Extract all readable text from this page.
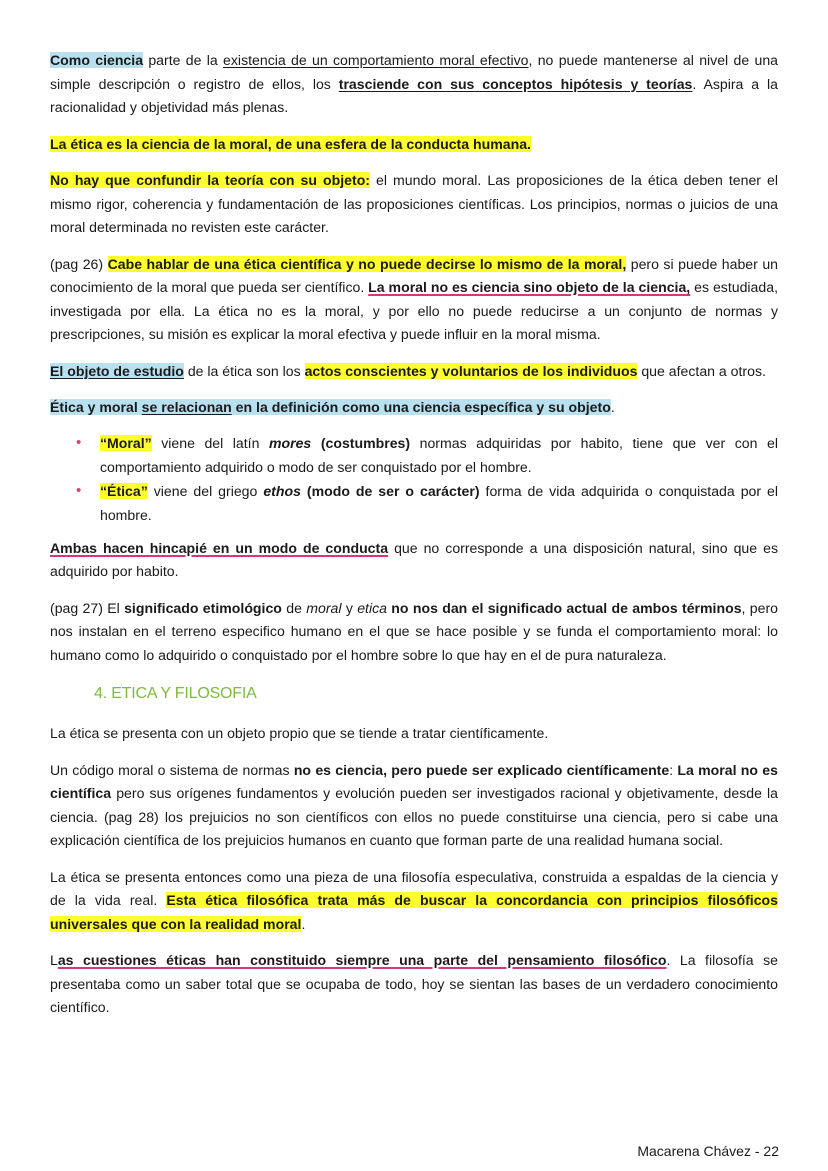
Como ciencia parte de la existencia de un comportamiento moral efectivo, no puede mantenerse al nivel de una simple descripción o registro de ellos, los trasciende con sus conceptos hipótesis y teorías. Aspira a la racionalidad y objetividad más plenas.

La ética es la ciencia de la moral, de una esfera de la conducta humana.

No hay que confundir la teoría con su objeto: el mundo moral. Las proposiciones de la ética deben tener el mismo rigor, coherencia y fundamentación de las proposiciones científicas. Los principios, normas o juicios de una moral determinada no revisten este carácter.

(pag 26) Cabe hablar de una ética científica y no puede decirse lo mismo de la moral, pero si puede haber un conocimiento de la moral que pueda ser científico. La moral no es ciencia sino objeto de la ciencia, es estudiada, investigada por ella. La ética no es la moral, y por ello no puede reducirse a un conjunto de normas y prescripciones, su misión es explicar la moral efectiva y puede influir en la moral misma.

El objeto de estudio de la ética son los actos conscientes y voluntarios de los individuos que afectan a otros.

Ética y moral se relacionan en la definición como una ciencia específica y su objeto.

• “Moral” viene del latín mores (costumbres) normas adquiridas por habito, tiene que ver con el comportamiento adquirido o modo de ser conquistado por el hombre.
• “Ética” viene del griego ethos (modo de ser o carácter) forma de vida adquirida o conquistada por el hombre.

Ambas hacen hincapié en un modo de conducta que no corresponde a una disposición natural, sino que es adquirido por habito.

(pag 27) El significado etimológico de moral y etica no nos dan el significado actual de ambos términos, pero nos instalan en el terreno especifico humano en el que se hace posible y se funda el comportamiento moral: lo humano como lo adquirido o conquistado por el hombre sobre lo que hay en el de pura naturaleza.

4. ETICA Y FILOSOFIA

La ética se presenta con un objeto propio que se tiende a tratar científicamente.

Un código moral o sistema de normas no es ciencia, pero puede ser explicado científicamente: La moral no es científica pero sus orígenes fundamentos y evolución pueden ser investigados racional y objetivamente, desde la ciencia. (pag 28) los prejuicios no son científicos con ellos no puede constituirse una ciencia, pero si cabe una explicación científica de los prejuicios humanos en cuanto que forman parte de una realidad humana social.

La ética se presenta entonces como una pieza de una filosofía especulativa, construida a espaldas de la ciencia y de la vida real. Esta ética filosófica trata más de buscar la concordancia con principios filosóficos universales que con la realidad moral.

Las cuestiones éticas han constituido siempre una parte del pensamiento filosófico. La filosofía se presentaba como un saber total que se ocupaba de todo, hoy se sientan las bases de un verdadero conocimiento científico.

Macarena Chávez - 22
